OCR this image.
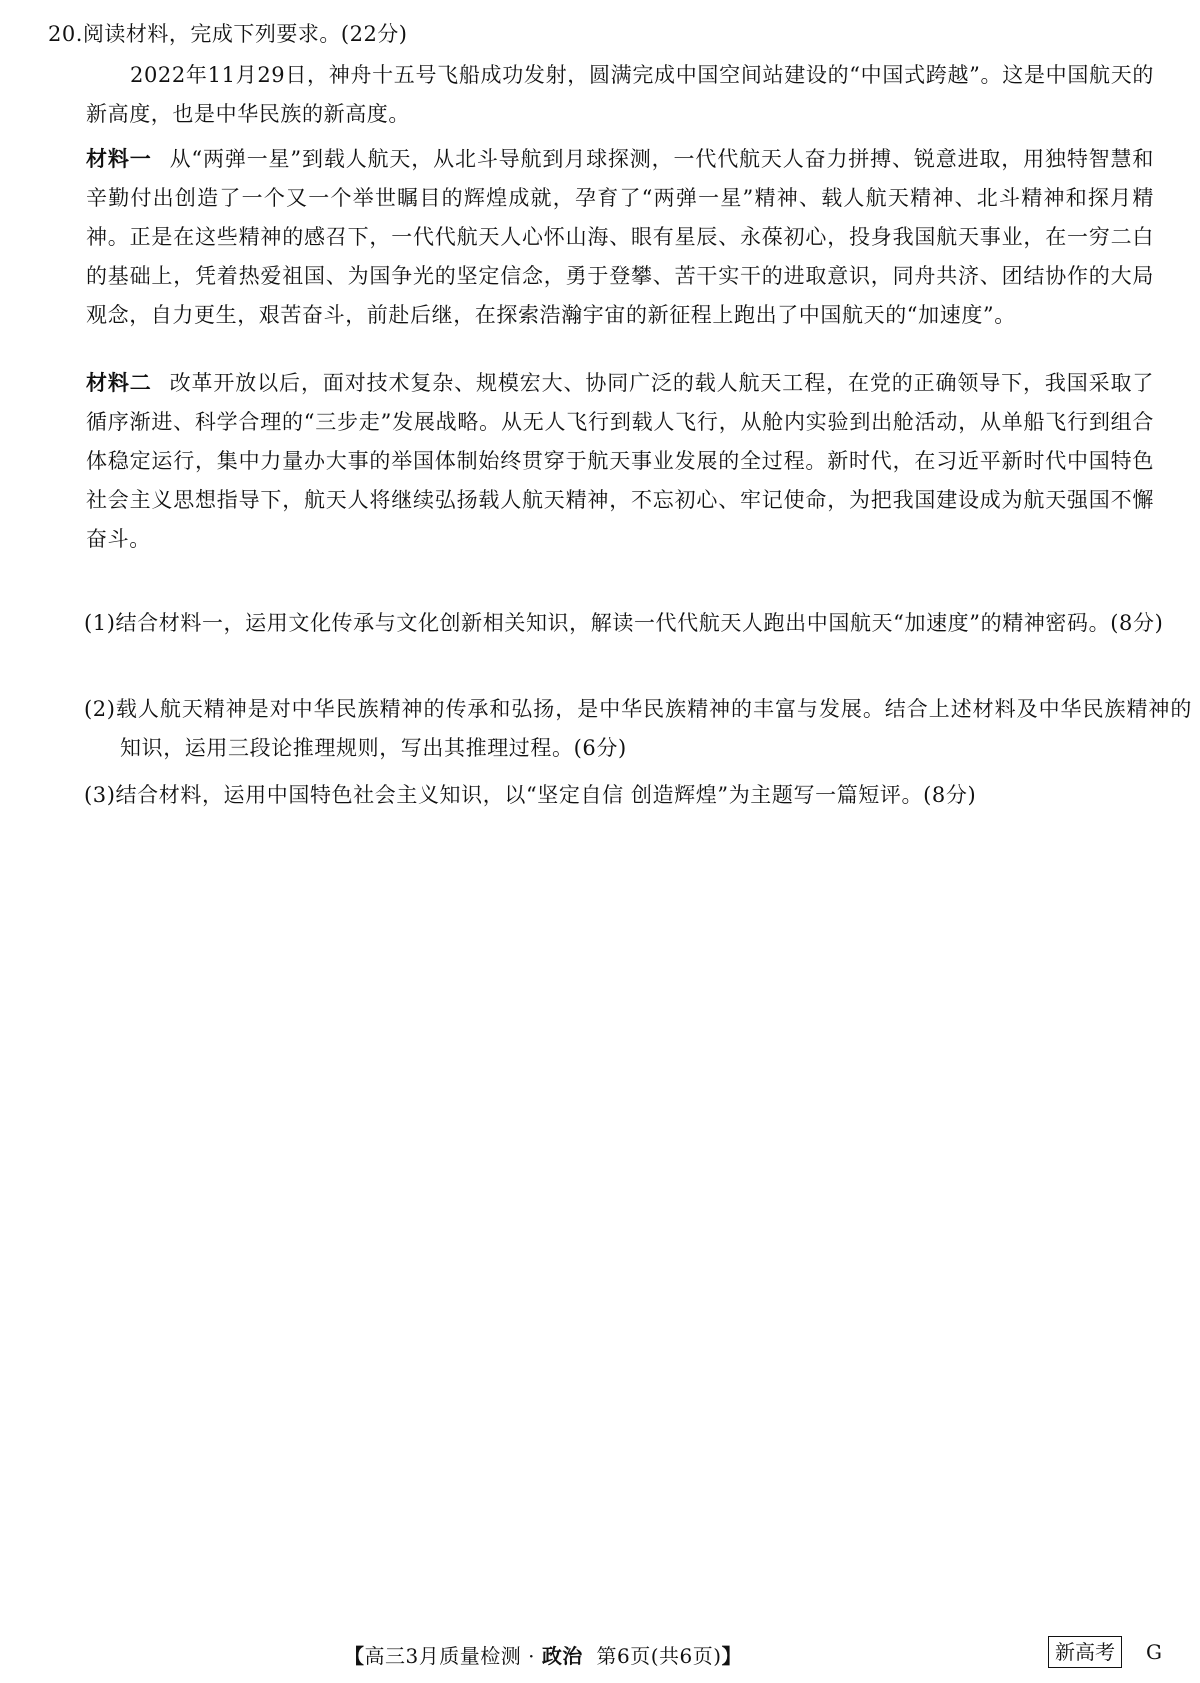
20.阅读材料，完成下列要求。(22分)
2022年11月29日，神舟十五号飞船成功发射，圆满完成中国空间站建设的“中国式跨越”。这是中国航天的新高度，也是中华民族的新高度。
材料一 从“两弹一星”到载人航天，从北斗导航到月球探测，一代代航天人奋力拼搏、锐意进取，用独特智慧和辛勤付出创造了一个又一个举世瞩目的辉煌成就，孕育了“两弹一星”精神、载人航天精神、北斗精神和探月精神。正是在这些精神的感召下，一代代航天人心怀山海、眼有星辰、永葆初心，投身我国航天事业，在一穷二白的基础上，凭着热爱祖国、为国争光的坚定信念，勇于登攀、苦干实干的进取意识，同舟共济、团结协作的大局观念，自力更生，艰苦奋斗，前赴后继，在探索浩瀚宇宙的新征程上跑出了中国航天的“加速度”。
材料二 改革开放以后，面对技术复杂、规模宏大、协同广泛的载人航天工程，在党的正确领导下，我国采取了循序渐进、科学合理的“三步走”发展战略。从无人飞行到载人飞行，从舱内实验到出舱活动，从单船飞行到组合体稳定运行，集中力量办大事的举国体制始终贯穿于航天事业发展的全过程。新时代，在习近平新时代中国特色社会主义思想指导下，航天人将继续弘扬载人航天精神，不忘初心、牢记使命，为把我国建设成为航天强国不懈奋斗。
(1)结合材料一，运用文化传承与文化创新相关知识，解读一代代航天人跑出中国航天“加速度”的精神密码。(8分)
(2)载人航天精神是对中华民族精神的传承和弘扬，是中华民族精神的丰富与发展。结合上述材料及中华民族精神的知识，运用三段论推理规则，写出其推理过程。(6分)
(3)结合材料，运用中国特色社会主义知识，以“坚定自信 创造辉煌”为主题写一篇短评。(8分)
【高三3月质量检测 · 政治 第6页(共6页)】	新高考	G
